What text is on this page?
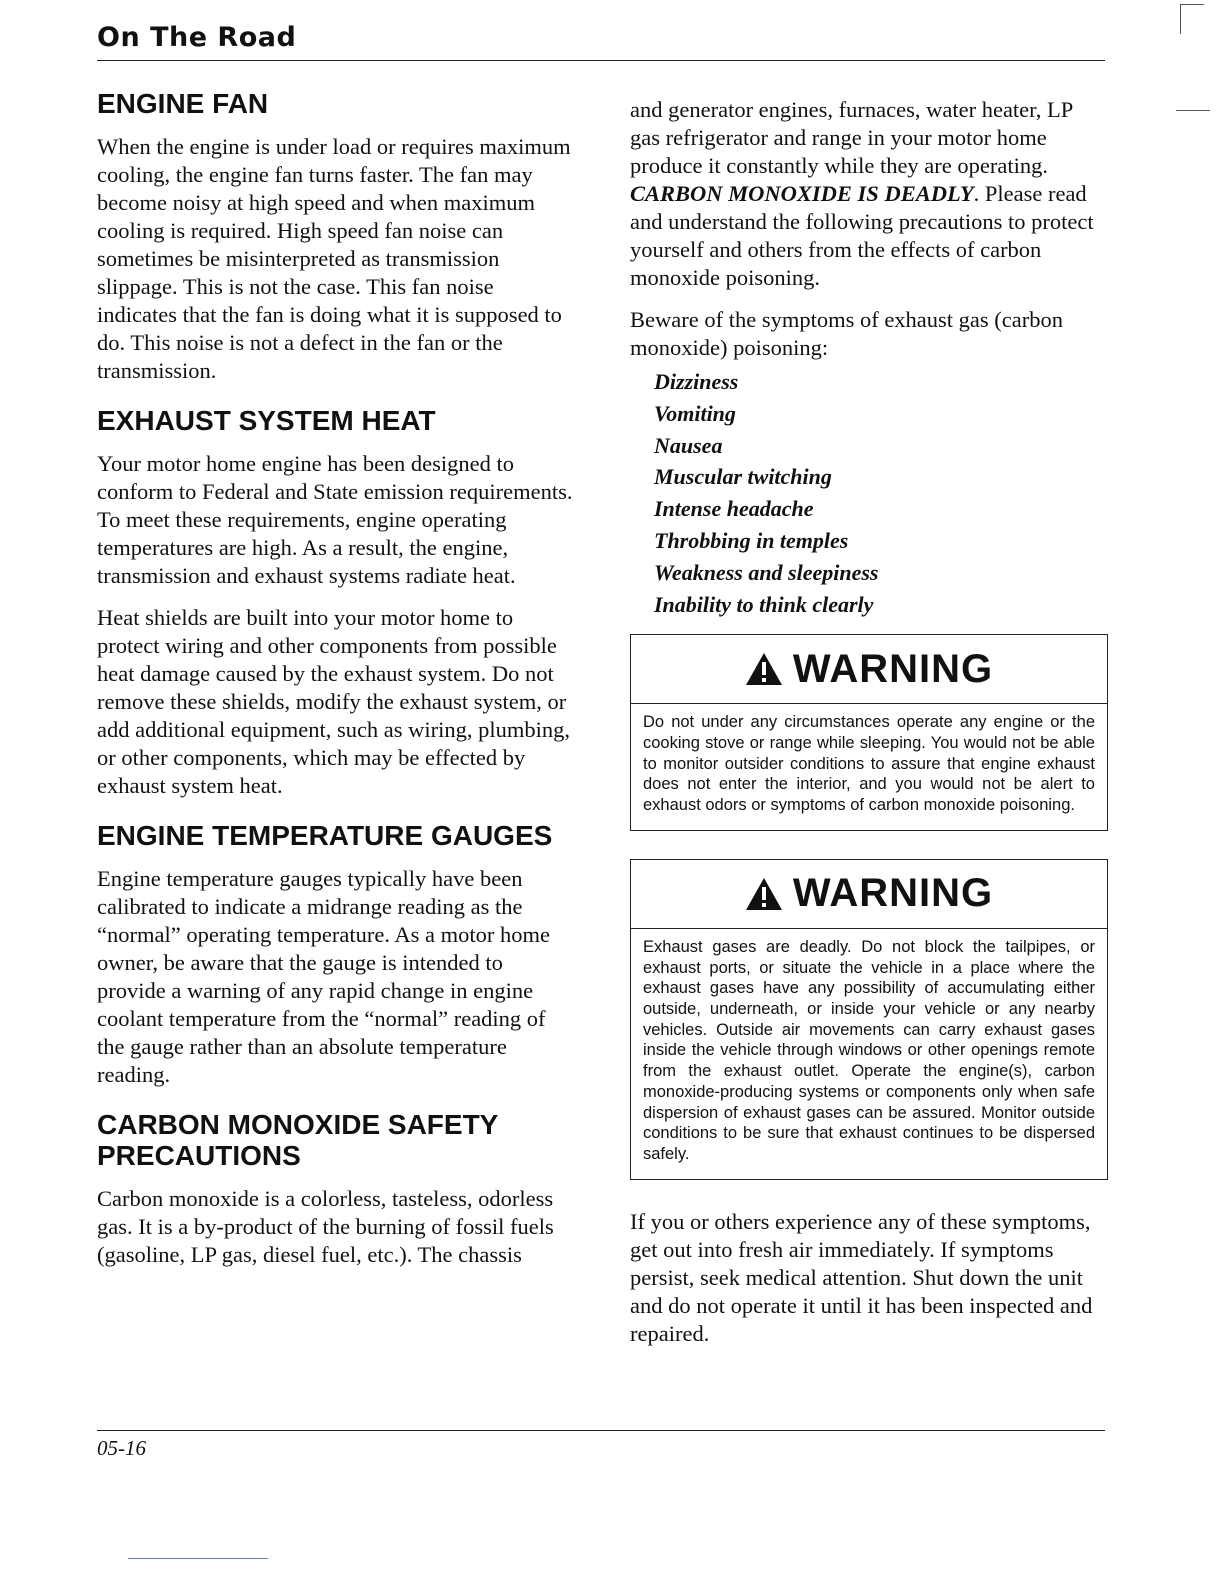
On The Road
ENGINE FAN

When the engine is under load or requires maximum cooling, the engine fan turns faster. The fan may become noisy at high speed and when maximum cooling is required. High speed fan noise can sometimes be misinterpreted as transmission slippage. This is not the case. This fan noise indicates that the fan is doing what it is supposed to do. This noise is not a defect in the fan or the transmission.

EXHAUST SYSTEM HEAT

Your motor home engine has been designed to conform to Federal and State emission requirements. To meet these requirements, engine operating temperatures are high. As a result, the engine, transmission and exhaust systems radiate heat.

Heat shields are built into your motor home to protect wiring and other components from possible heat damage caused by the exhaust system. Do not remove these shields, modify the exhaust system, or add additional equipment, such as wiring, plumbing, or other components, which may be effected by exhaust system heat.

ENGINE TEMPERATURE GAUGES

Engine temperature gauges typically have been calibrated to indicate a midrange reading as the “normal” operating temperature. As a motor home owner, be aware that the gauge is intended to provide a warning of any rapid change in engine coolant temperature from the “normal” reading of the gauge rather than an absolute temperature reading.

CARBON MONOXIDE SAFETY PRECAUTIONS

Carbon monoxide is a colorless, tasteless, odorless gas. It is a by-product of the burning of fossil fuels (gasoline, LP gas, diesel fuel, etc.). The chassis

and generator engines, furnaces, water heater, LP gas refrigerator and range in your motor home produce it constantly while they are operating. CARBON MONOXIDE IS DEADLY. Please read and understand the following precautions to protect yourself and others from the effects of carbon monoxide poisoning.

Beware of the symptoms of exhaust gas (carbon monoxide) poisoning:

Dizziness
Vomiting
Nausea
Muscular twitching
Intense headache
Throbbing in temples
Weakness and sleepiness
Inability to think clearly
WARNING
Do not under any circumstances operate any engine or the cooking stove or range while sleeping. You would not be able to monitor outsider conditions to assure that engine exhaust does not enter the interior, and you would not be alert to exhaust odors or symptoms of carbon monoxide poisoning.
WARNING
Exhaust gases are deadly. Do not block the tailpipes, or exhaust ports, or situate the vehicle in a place where the exhaust gases have any possibility of accumulating either outside, underneath, or inside your vehicle or any nearby vehicles. Outside air movements can carry exhaust gases inside the vehicle through windows or other openings remote from the exhaust outlet. Operate the engine(s), carbon monoxide-producing systems or components only when safe dispersion of exhaust gases can be assured. Monitor outside conditions to be sure that exhaust continues to be dispersed safely.

If you or others experience any of these symptoms, get out into fresh air immediately. If symptoms persist, seek medical attention. Shut down the unit and do not operate it until it has been inspected and repaired.

05-16
